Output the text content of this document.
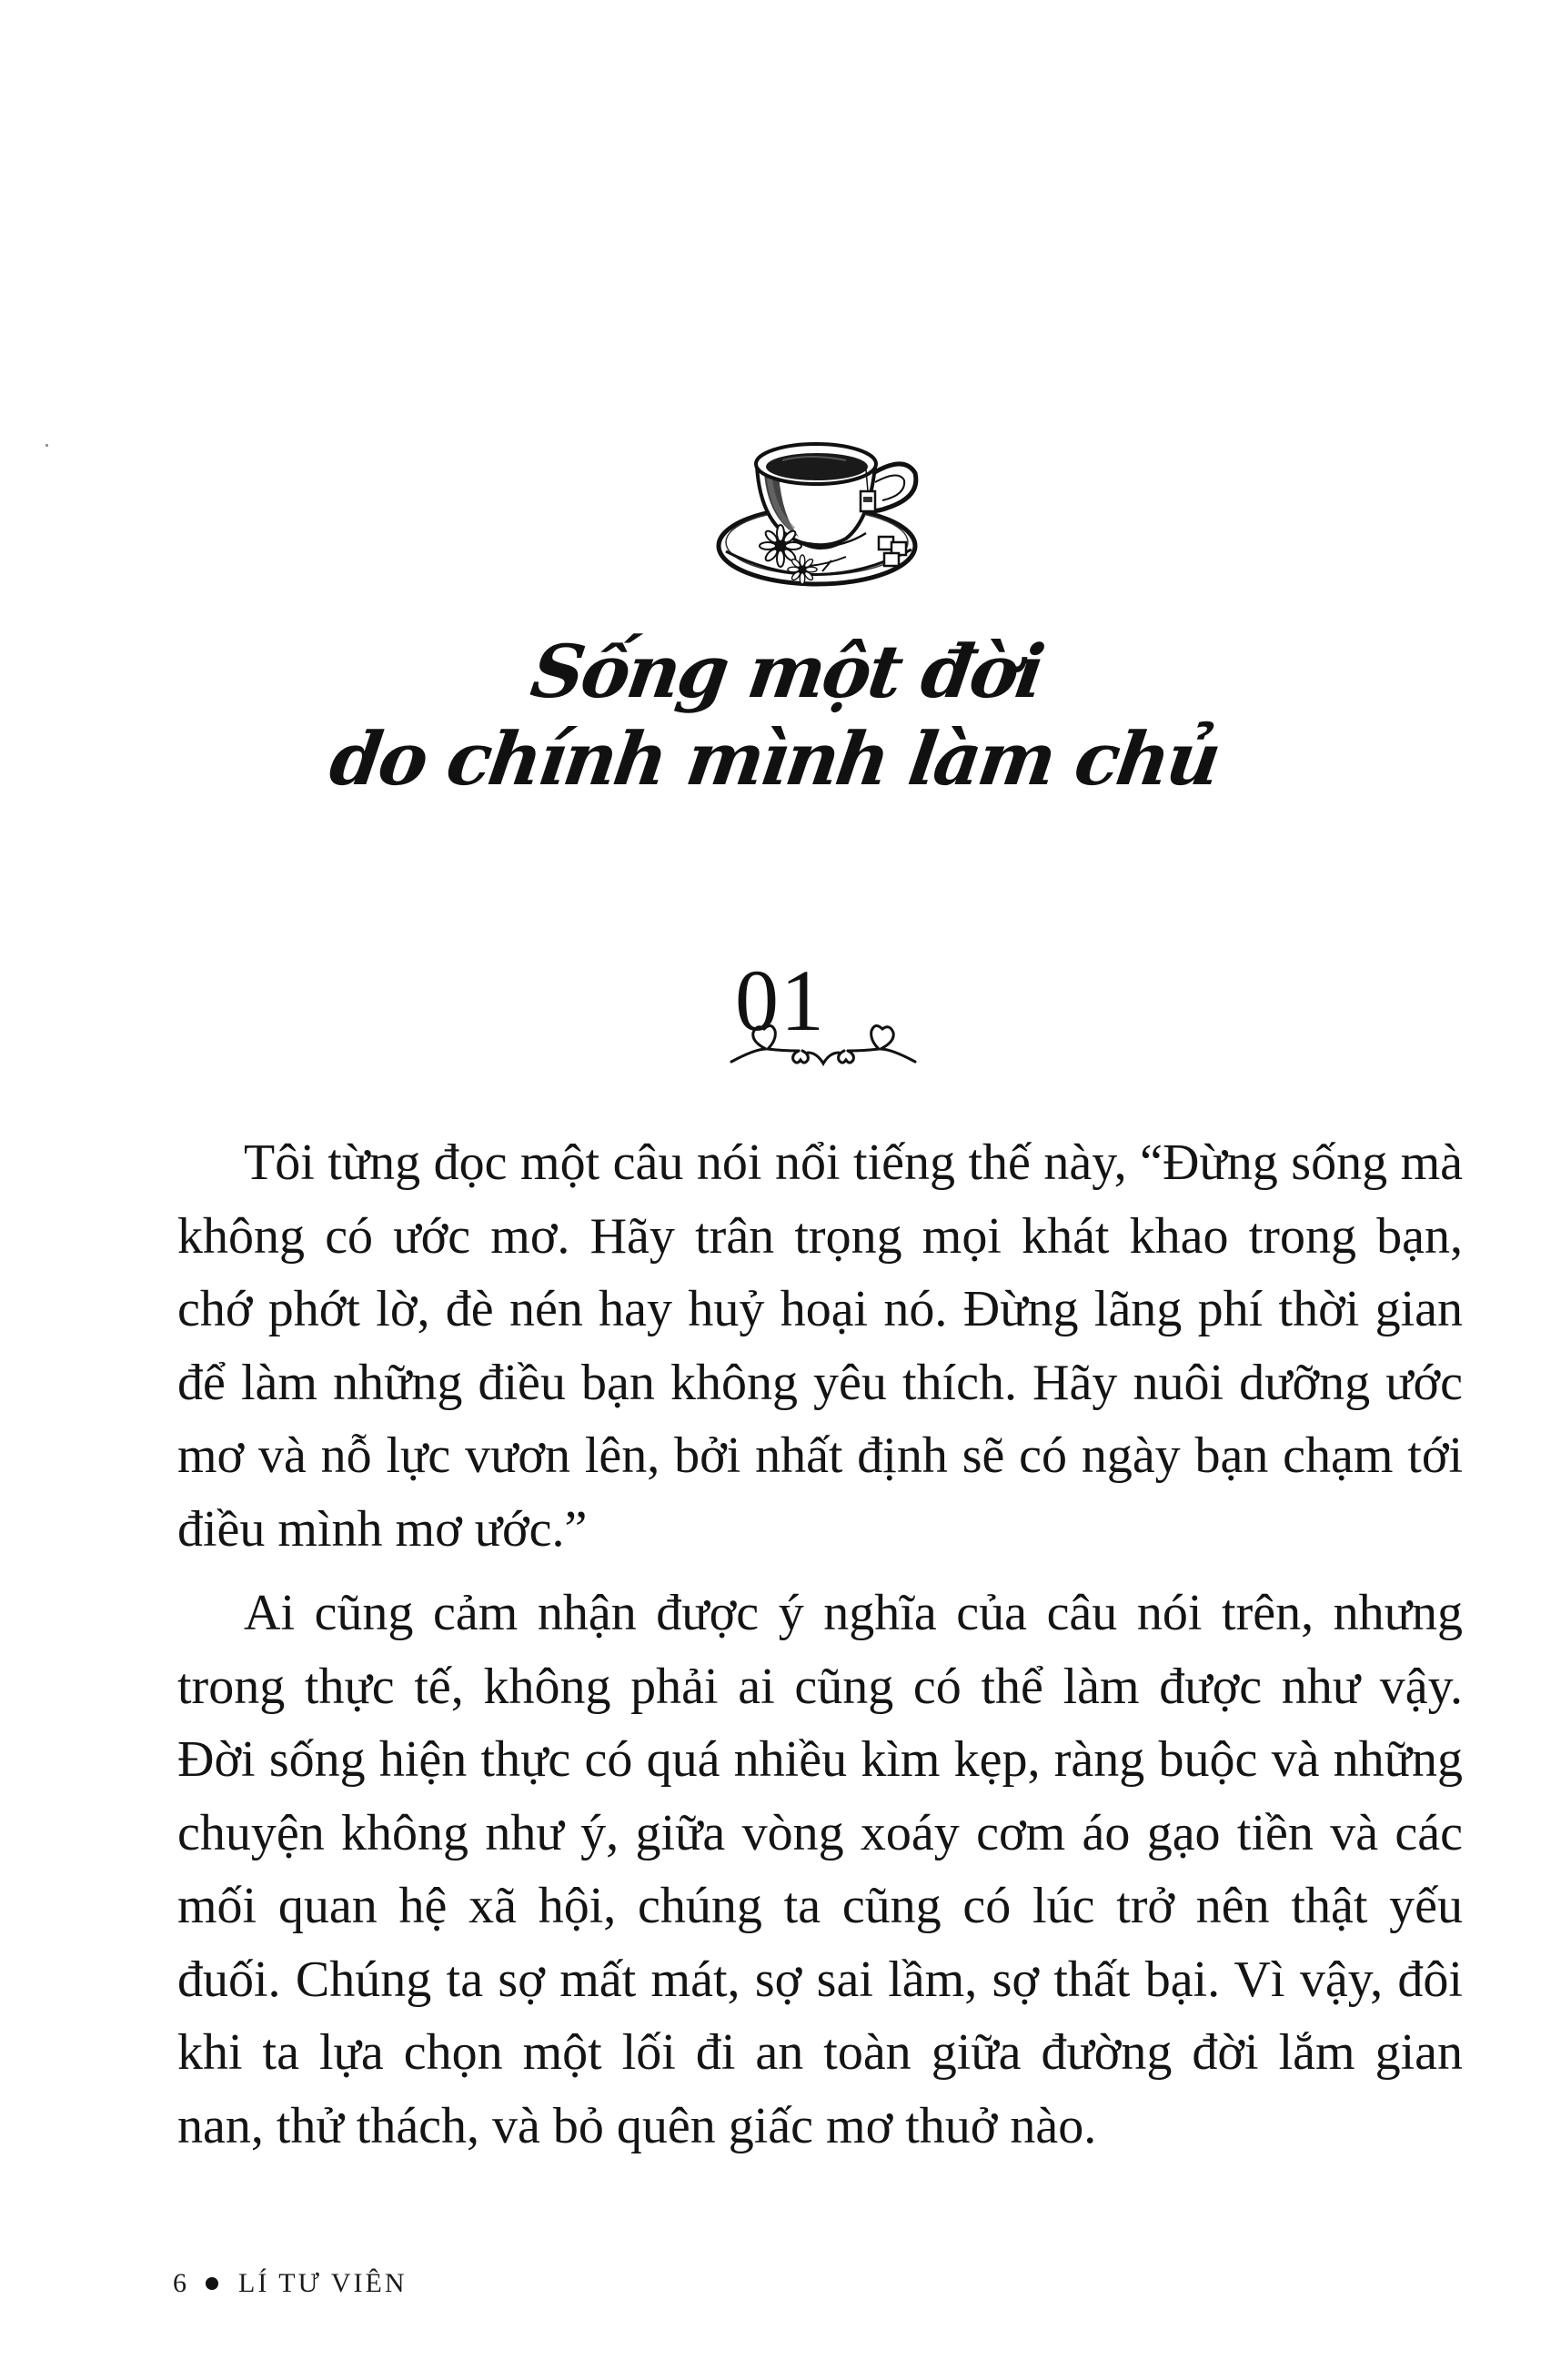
Sống một đời
do chính mình làm chủ
01

Tôi từng đọc một câu nói nổi tiếng thế này, “Đừng sống mà không có ước mơ. Hãy trân trọng mọi khát khao trong bạn, chớ phớt lờ, đè nén hay huỷ hoại nó. Đừng lãng phí thời gian để làm những điều bạn không yêu thích. Hãy nuôi dưỡng ước mơ và nỗ lực vươn lên, bởi nhất định sẽ có ngày bạn chạm tới điều mình mơ ước.”

Ai cũng cảm nhận được ý nghĩa của câu nói trên, nhưng trong thực tế, không phải ai cũng có thể làm được như vậy. Đời sống hiện thực có quá nhiều kìm kẹp, ràng buộc và những chuyện không như ý, giữa vòng xoáy cơm áo gạo tiền và các mối quan hệ xã hội, chúng ta cũng có lúc trở nên thật yếu đuối. Chúng ta sợ mất mát, sợ sai lầm, sợ thất bại. Vì vậy, đôi khi ta lựa chọn một lối đi an toàn giữa đường đời lắm gian nan, thử thách, và bỏ quên giấc mơ thuở nào.

6 LÍ TƯ VIÊN
